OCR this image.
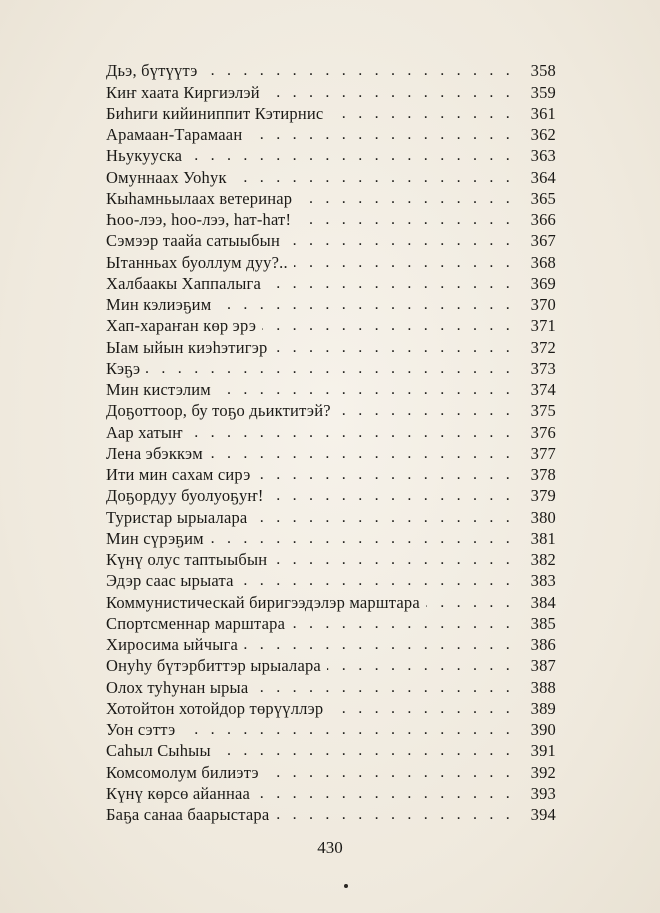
Дьэ, бүтүүтэ . . .	358
Киҥ хаата Киргиэлэй . . .	359
Биһиги кийиниппит Кэтирнис . . .	361
Арамаан-Тарамаан . . .	362
Ньукууска . . .	363
Омуннаах Уоһук . . .	364
Кыһамньылаах ветеринар . . .	365
Һоо-лээ, һоо-лээ, һат-һат! . . .	366
Сэмээр таайа сатыыбын . . .	367
Ытанньах буоллум дуу?.. . . .	368
Халбаакы Хаппалыга . . .	369
Мин кэлиэҕим . . .	370
Хап-хараҥан көр эрэ . . .	371
Ыам ыйын киэһэтигэр . . .	372
Кэҕэ . . .	373
Мин кистэлим . . .	374
Доҕоттоор, бу тоҕо дьиктитэй? . . .	375
Аар хатыҥ . . .	376
Лена эбэккэм . . .	377
Ити мин сахам сирэ . . .	378
Доҕордуу буолуоҕуҥ! . . .	379
Туристар ырыалара . . .	380
Мин сүрэҕим . . .	381
Күнү олус таптыыбын . . .	382
Эдэр саас ырыата . . .	383
Коммунистическай биригээдэлэр марштара . . .	384
Спортсменнар марштара . . .	385
Хиросима ыйчыга . . .	386
Онуһу бүтэрбиттэр ырыалара . . .	387
Олох туһунан ырыа . . .	388
Хотойтон хотойдор төрүүллэр . . .	389
Уон сэттэ . . .	390
Саһыл Сыһыы . . .	391
Комсомолум билиэтэ . . .	392
Күнү көрсө айаннаа . . .	393
Баҕа санаа баарыстара . . .	394
430
